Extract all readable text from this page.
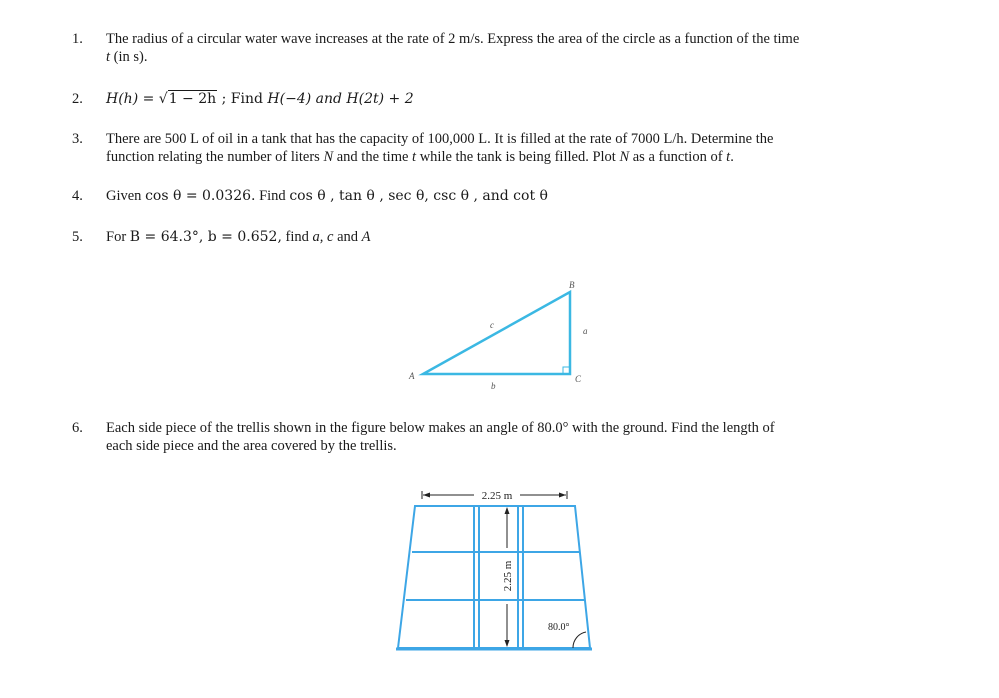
1.	The radius of a circular water wave increases at the rate of 2 m/s. Express the area of the circle as a function of the time
t (in s).
2.	H(h) = √1 − 2h ; Find H(−4) and H(2t) + 2
3.	There are 500 L of oil in a tank that has the capacity of 100,000 L. It is filled at the rate of 7000 L/h. Determine the
function relating the number of liters N and the time t while the tank is being filled. Plot N as a function of t.
4.	Given cos θ = 0.0326. Find cos θ , tan θ , sec θ, csc θ , and cot θ
5.	For B = 64.3°, b = 0.652, find a, c and A
A
B
C
a
b
c
6.	Each side piece of the trellis shown in the figure below makes an angle of 80.0° with the ground. Find the length of
each side piece and the area covered by the trellis.
2.25 m
2.25 m
80.0°
